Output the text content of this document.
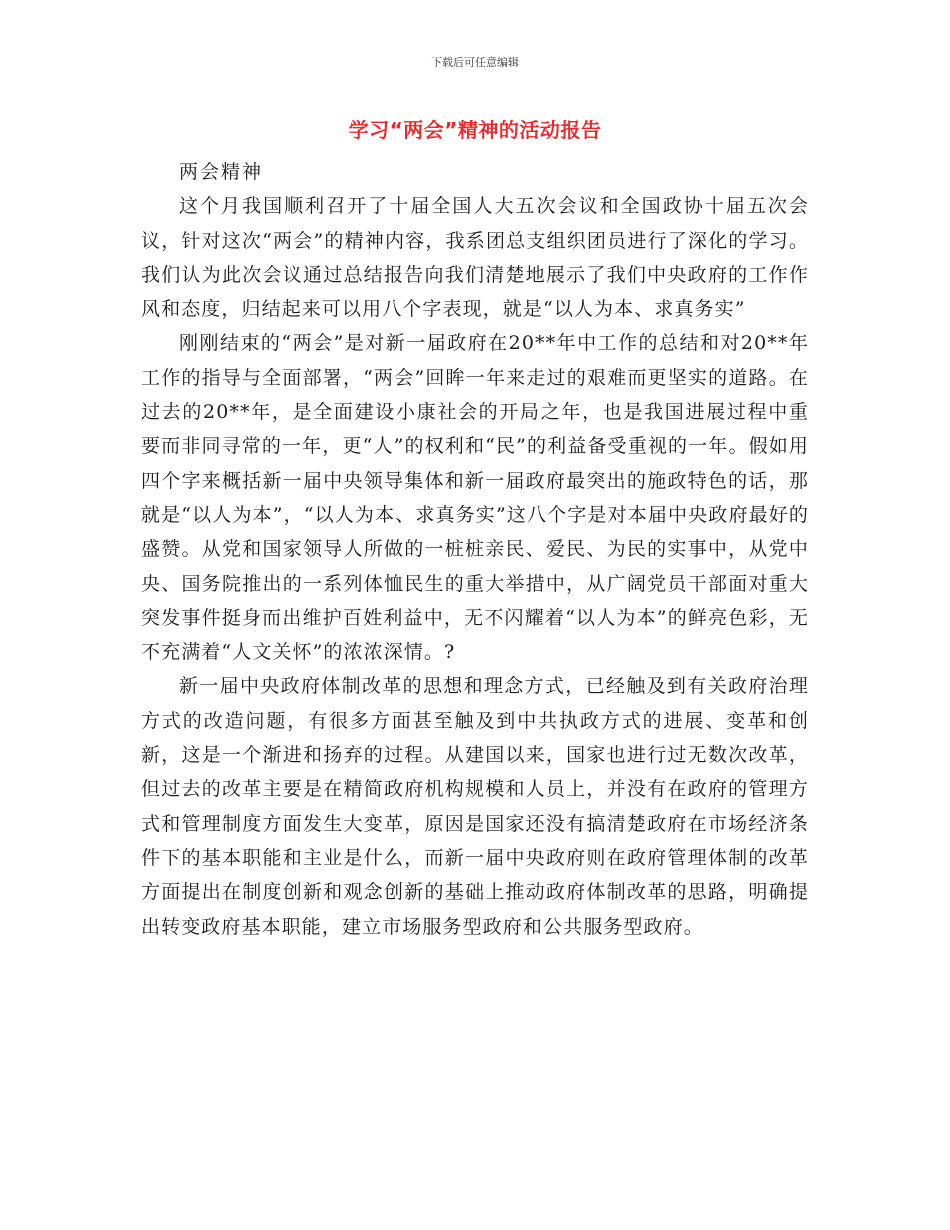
下载后可任意编辑
学习“两会”精神的活动报告

两会精神

这个月我国顺利召开了十届全国人大五次会议和全国政协十届五次会议，针对这次“两会”的精神内容，我系团总支组织团员进行了深化的学习。我们认为此次会议通过总结报告向我们清楚地展示了我们中央政府的工作作风和态度，归结起来可以用八个字表现，就是“以人为本、求真务实”

刚刚结束的“两会”是对新一届政府在20**年中工作的总结和对20**年工作的指导与全面部署，“两会”回眸一年来走过的艰难而更坚实的道路。在过去的20**年，是全面建设小康社会的开局之年，也是我国进展过程中重要而非同寻常的一年，更“人”的权利和“民”的利益备受重视的一年。假如用四个字来概括新一届中央领导集体和新一届政府最突出的施政特色的话，那就是“以人为本”，“以人为本、求真务实”这八个字是对本届中央政府最好的盛赞。从党和国家领导人所做的一桩桩亲民、爱民、为民的实事中，从党中央、国务院推出的一系列体恤民生的重大举措中，从广阔党员干部面对重大突发事件挺身而出维护百姓利益中，无不闪耀着“以人为本”的鲜亮色彩，无不充满着“人文关怀”的浓浓深情。?

新一届中央政府体制改革的思想和理念方式，已经触及到有关政府治理方式的改造问题，有很多方面甚至触及到中共执政方式的进展、变革和创新，这是一个渐进和扬弃的过程。从建国以来，国家也进行过无数次改革，但过去的改革主要是在精简政府机构规模和人员上，并没有在政府的管理方式和管理制度方面发生大变革，原因是国家还没有搞清楚政府在市场经济条件下的基本职能和主业是什么，而新一届中央政府则在政府管理体制的改革方面提出在制度创新和观念创新的基础上推动政府体制改革的思路，明确提出转变政府基本职能，建立市场服务型政府和公共服务型政府。
